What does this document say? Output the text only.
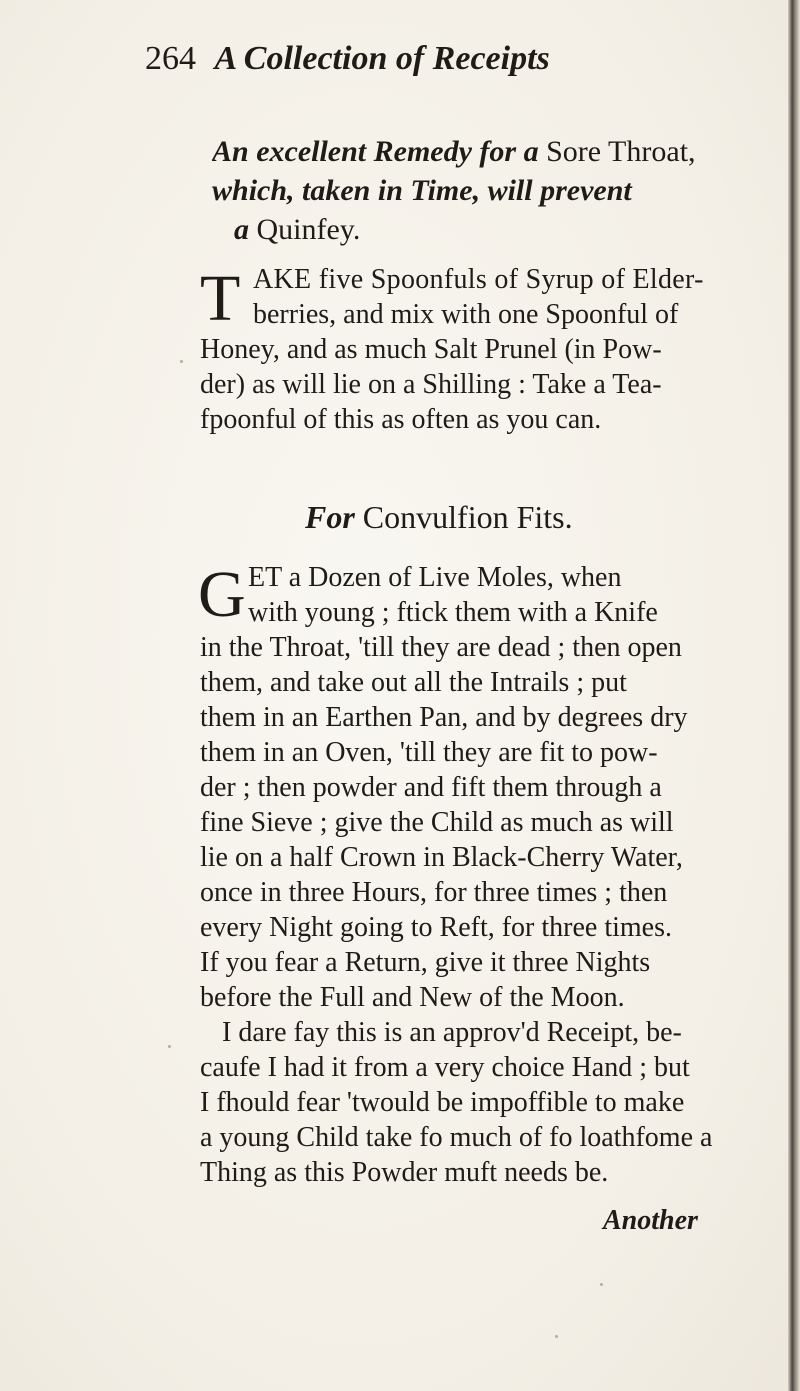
264 A Collection of Receipts
An excellent Remedy for a Sore Throat,
which, taken in Time, will prevent
a Quinfey.
T AKE five Spoonfuls of Syrup of Elder-
berries, and mix with one Spoonful of
Honey, and as much Salt Prunel (in Pow-
der) as will lie on a Shilling : Take a Tea-
fpoonful of this as often as you can.
For Convulfion Fits.
G ET a Dozen of Live Moles, when
with young ; ftick them with a Knife
in the Throat, 'till they are dead ; then open
them, and take out all the Intrails ; put
them in an Earthen Pan, and by degrees dry
them in an Oven, 'till they are fit to pow-
der ; then powder and fift them through a
fine Sieve ; give the Child as much as will
lie on a half Crown in Black-Cherry Water,
once in three Hours, for three times ; then
every Night going to Reft, for three times.
If you fear a Return, give it three Nights
before the Full and New of the Moon.
I dare fay this is an approv'd Receipt, be-
caufe I had it from a very choice Hand ; but
I fhould fear 'twould be impoffible to make
a young Child take fo much of fo loathfome a
Thing as this Powder muft needs be.
Another
